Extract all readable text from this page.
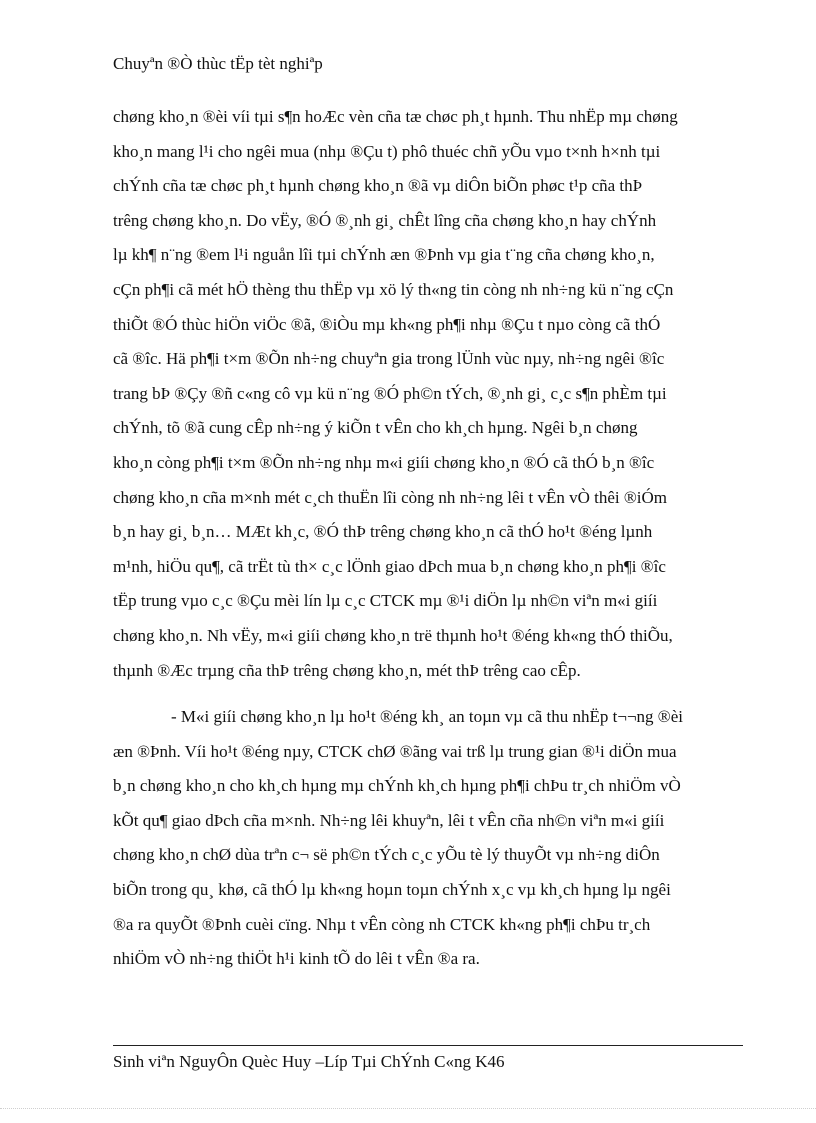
Chuyªn ®Ò thùc tËp tèt nghiªp
chøng kho¸n ®èi víi tµi s¶n hoÆc vèn cña tæ chøc ph¸t hµnh. Thu nhËp mµ chøng
kho¸n mang l¹i cho ngêi mua (nhµ ®Çu t) phô thuéc chñ yÕu vµo t×nh h×nh tµi
chÝnh cña tæ chøc ph¸t hµnh chøng kho¸n ®ã vµ diÔn biÕn phøc t¹p cña thÞ
trêng chøng kho¸n. Do vËy, ®Ó ®¸nh gi¸ chÊt lîng cña chøng kho¸n hay chÝnh
lµ kh¶ n¨ng ®em l¹i nguån lîi tµi chÝnh æn ®Þnh vµ gia t¨ng cña chøng kho¸n,
cÇn ph¶i cã mét hÖ thèng thu thËp vµ xö lý th«ng tin còng nh nh÷ng kü n¨ng cÇn
thiÕt ®Ó thùc hiÖn viÖc ®ã, ®iÒu mµ kh«ng ph¶i nhµ ®Çu t nµo còng cã thÓ
cã ®îc. Hä ph¶i t×m ®Õn nh÷ng chuyªn gia trong lÜnh vùc nµy, nh÷ng ngêi ®îc
trang bÞ ®Çy ®ñ c«ng cô vµ kü n¨ng ®Ó ph©n tÝch, ®¸nh gi¸ c¸c s¶n phÈm tµi
chÝnh, tõ ®ã cung cÊp nh÷ng ý kiÕn t vÊn cho kh¸ch hµng. Ngêi b¸n chøng
kho¸n còng ph¶i t×m ®Õn nh÷ng nhµ m«i giíi chøng kho¸n ®Ó cã thÓ b¸n ®îc
chøng kho¸n cña m×nh mét c¸ch thuËn lîi còng nh nh÷ng lêi t vÊn vÒ thêi ®iÓm
b¸n hay gi¸ b¸n… MÆt kh¸c, ®Ó thÞ trêng chøng kho¸n cã thÓ ho¹t ®éng lµnh
m¹nh, hiÖu qu¶, cã trËt tù th× c¸c lÖnh giao dÞch mua b¸n chøng kho¸n ph¶i ®îc
tËp trung vµo c¸c ®Çu mèi lín lµ c¸c CTCK mµ ®¹i diÖn lµ nh©n viªn m«i giíi
chøng kho¸n. Nh vËy, m«i giíi chøng kho¸n trë thµnh ho¹t ®éng kh«ng thÓ thiÕu,
thµnh ®Æc trµng cña thÞ trêng chøng kho¸n, mét thÞ trêng cao cÊp.
- M«i giíi chøng kho¸n lµ ho¹t ®éng kh¸ an toµn vµ cã thu nhËp t¬¬ng ®èi
æn ®Þnh. Víi ho¹t ®éng nµy, CTCK chØ ®ãng vai trß lµ trung gian ®¹i diÖn mua
b¸n chøng kho¸n cho kh¸ch hµng mµ chÝnh kh¸ch hµng ph¶i chÞu tr¸ch nhiÖm vÒ
kÕt qu¶ giao dÞch cña m×nh. Nh÷ng lêi khuyªn, lêi t vÊn cña nh©n viªn m«i giíi
chøng kho¸n chØ dùa trªn c¬ së ph©n tÝch c¸c yÕu tè lý thuyÕt vµ nh÷ng diÔn
biÕn trong qu¸ khø, cã thÓ lµ kh«ng hoµn toµn chÝnh x¸c vµ kh¸ch hµng lµ ngêi
®a ra quyÕt ®Þnh cuèi cïng. Nhµ t vÊn còng nh CTCK kh«ng ph¶i chÞu tr¸ch
nhiÖm vÒ nh÷ng thiÖt h¹i kinh tÕ do lêi t vÊn ®a ra.
Sinh viªn NguyÔn Quèc Huy –Líp Tµi ChÝnh C«ng K46
